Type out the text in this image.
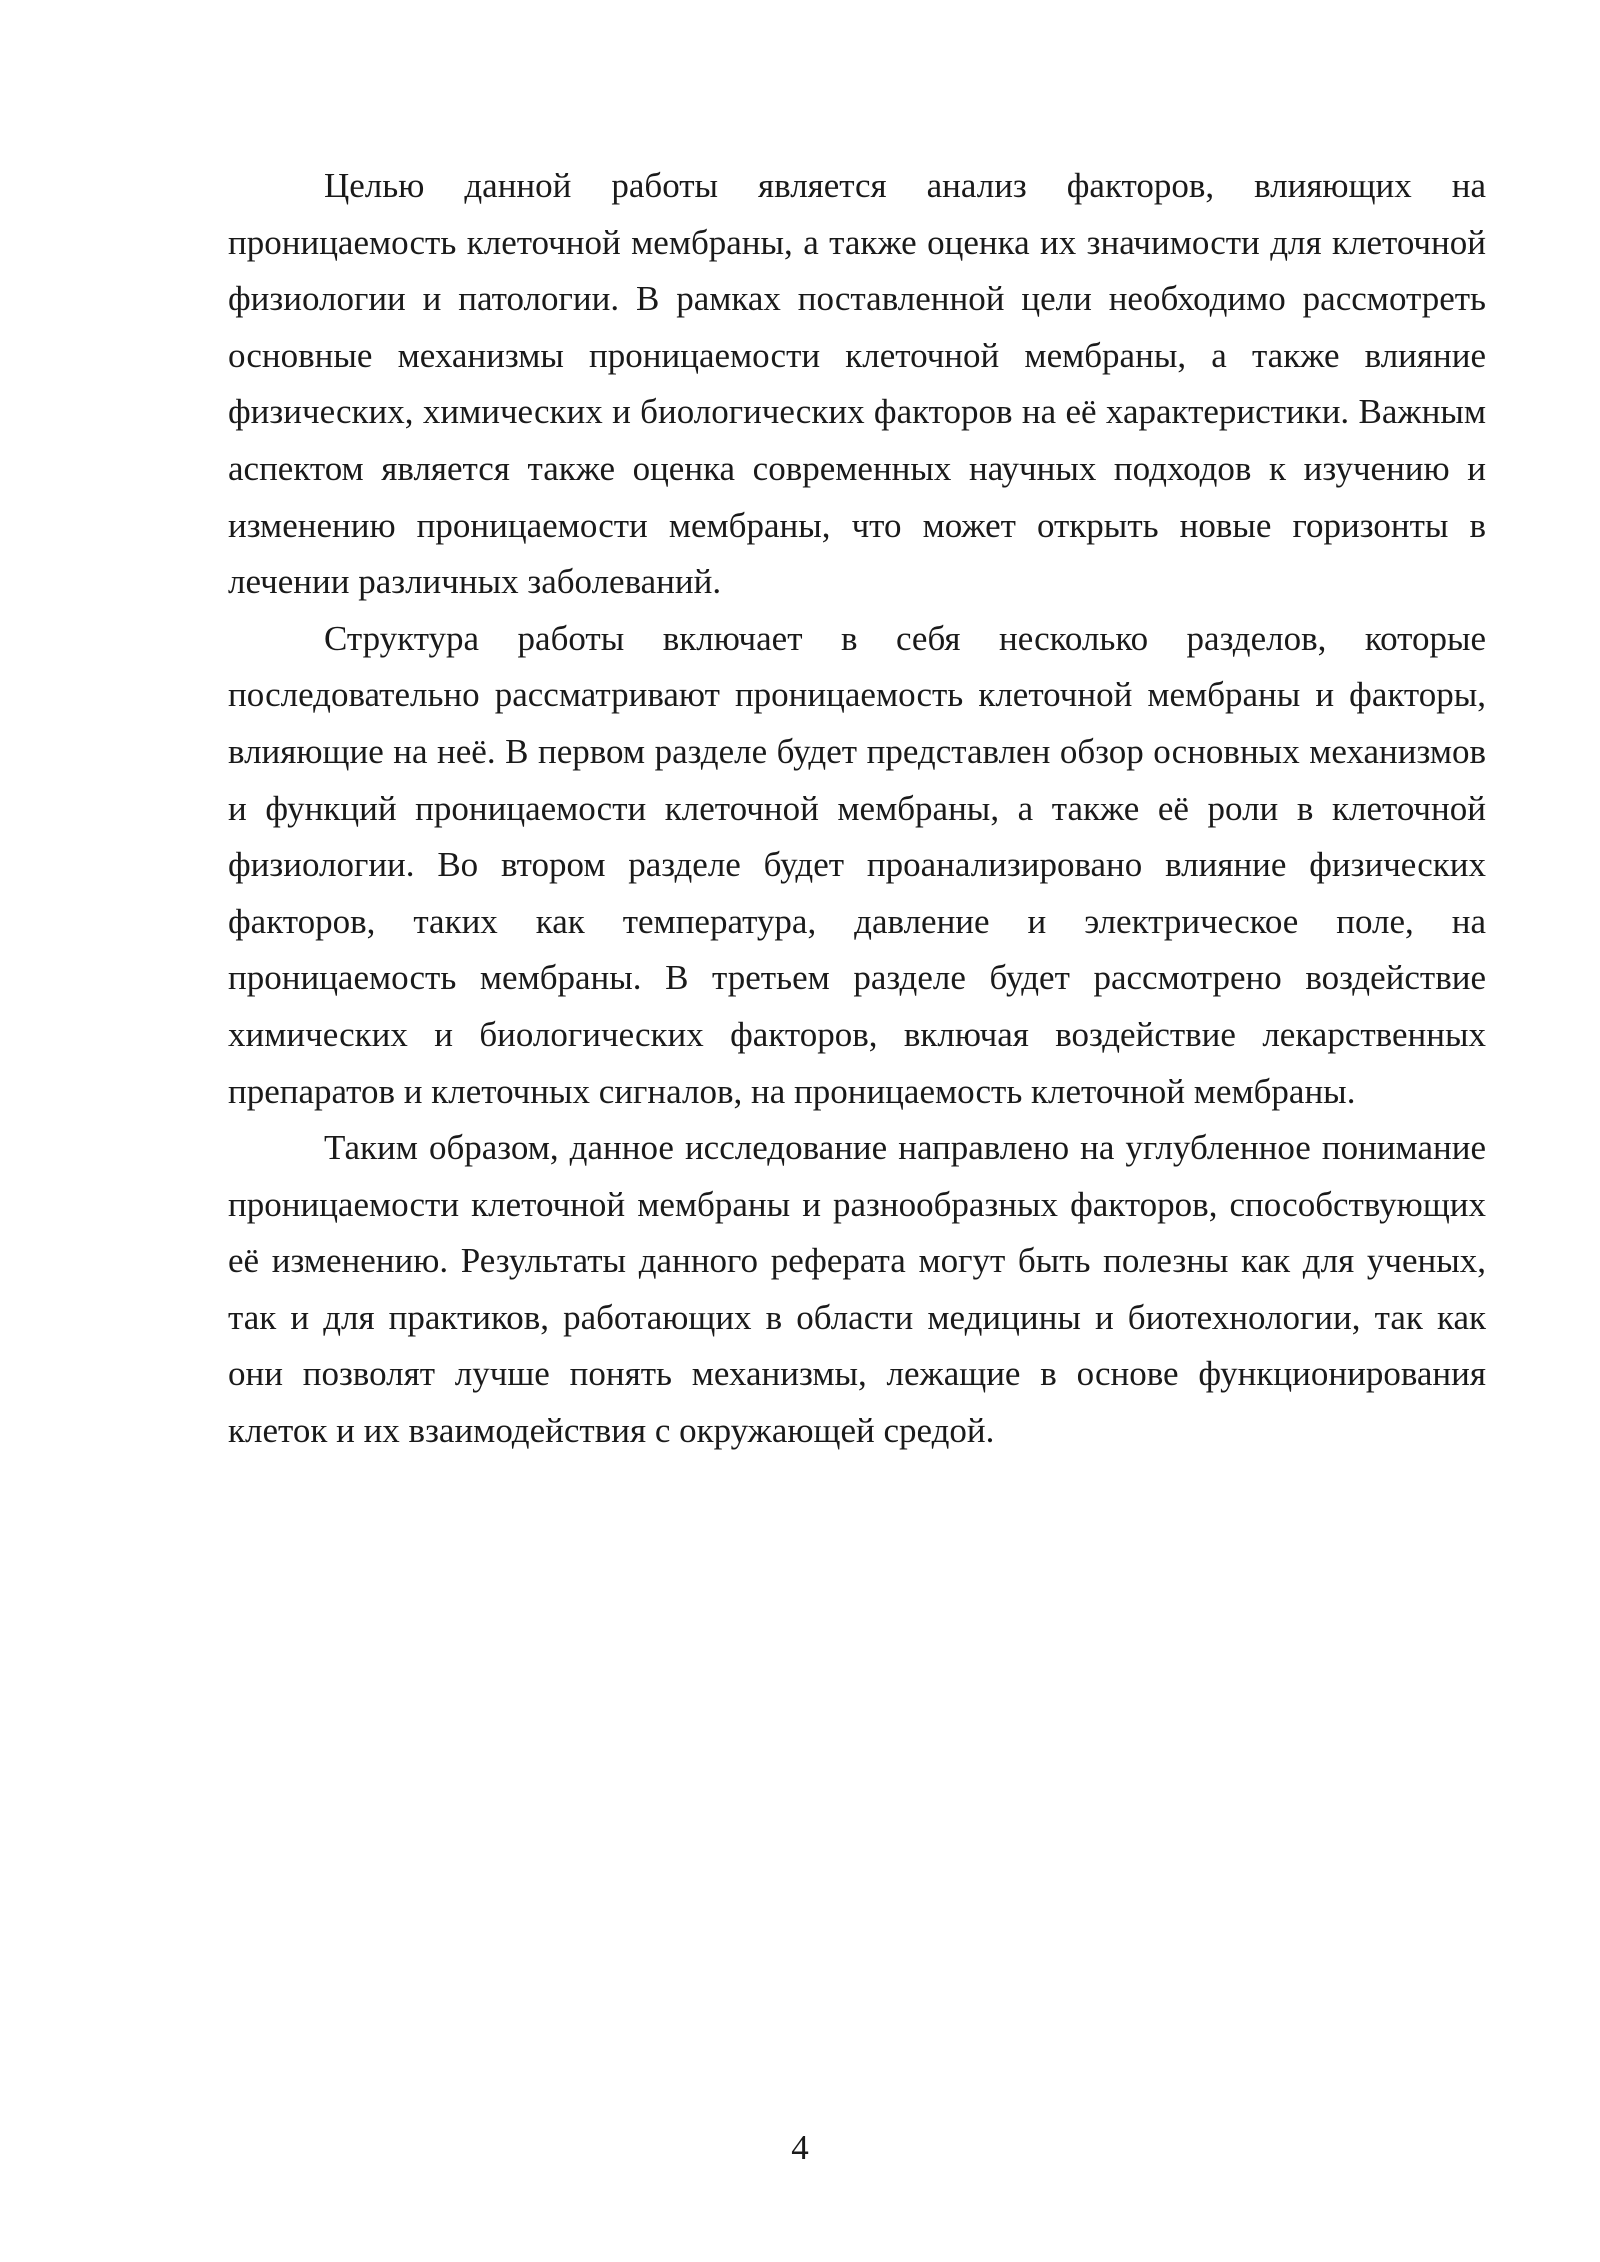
Целью данной работы является анализ факторов, влияющих на проницаемость клеточной мембраны, а также оценка их значимости для клеточной физиологии и патологии. В рамках поставленной цели необходимо рассмотреть основные механизмы проницаемости клеточной мембраны, а также влияние физических, химических и биологических факторов на её характеристики. Важным аспектом является также оценка современных научных подходов к изучению и изменению проницаемости мембраны, что может открыть новые горизонты в лечении различных заболеваний.

Структура работы включает в себя несколько разделов, которые последовательно рассматривают проницаемость клеточной мембраны и факторы, влияющие на неё. В первом разделе будет представлен обзор основных механизмов и функций проницаемости клеточной мембраны, а также её роли в клеточной физиологии. Во втором разделе будет проанализировано влияние физических факторов, таких как температура, давление и электрическое поле, на проницаемость мембраны. В третьем разделе будет рассмотрено воздействие химических и биологических факторов, включая воздействие лекарственных препаратов и клеточных сигналов, на проницаемость клеточной мембраны.

Таким образом, данное исследование направлено на углубленное понимание проницаемости клеточной мембраны и разнообразных факторов, способствующих её изменению. Результаты данного реферата могут быть полезны как для ученых, так и для практиков, работающих в области медицины и биотехнологии, так как они позволят лучше понять механизмы, лежащие в основе функционирования клеток и их взаимодействия с окружающей средой.

4
